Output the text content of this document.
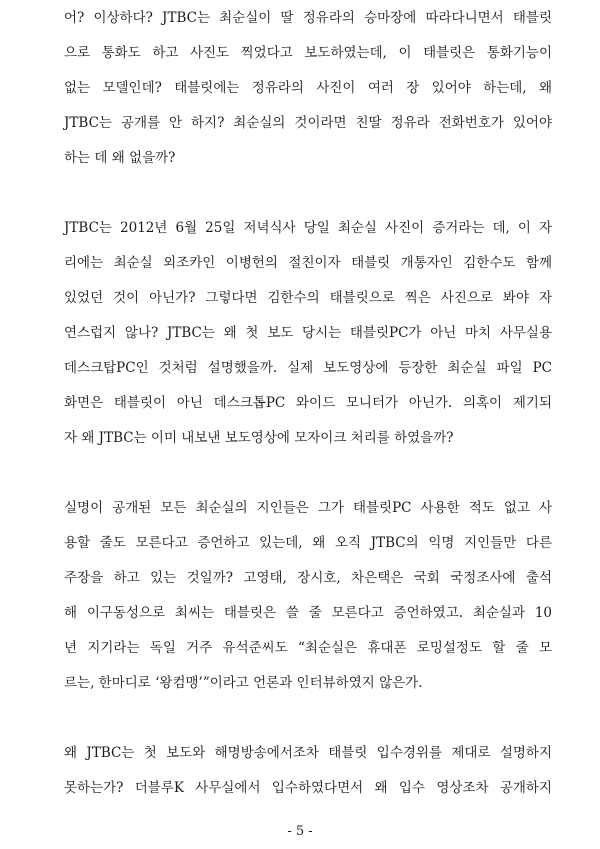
어? 이상하다? JTBC는 최순실이 딸 정유라의 승마장에 따라다니면서 태블릿
으로 통화도 하고 사진도 찍었다고 보도하였는데, 이 태블릿은 통화기능이
없는 모델인데? 태블릿에는 정유라의 사진이 여러 장 있어야 하는데, 왜
JTBC는 공개를 안 하지? 최순실의 것이라면 친딸 정유라 전화번호가 있어야
하는 데 왜 없을까?
JTBC는 2012년 6월 25일 저녁식사 당일 최순실 사진이 증거라는 데, 이 자
리에는 최순실 외조카인 이병헌의 절친이자 태블릿 개통자인 김한수도 함께
있었던 것이 아닌가? 그렇다면 김한수의 태블릿으로 찍은 사진으로 봐야 자
연스럽지 않나? JTBC는 왜 첫 보도 당시는 태블릿PC가 아닌 마치 사무실용
데스크탑PC인 것처럼 설명했을까. 실제 보도영상에 등장한 최순실 파일 PC
화면은 태블릿이 아닌 데스크톱PC 와이드 모니터가 아닌가. 의혹이 제기되
자 왜 JTBC는 이미 내보낸 보도영상에 모자이크 처리를 하였을까?
실명이 공개된 모든 최순실의 지인들은 그가 태블릿PC 사용한 적도 없고 사
용할 줄도 모른다고 증언하고 있는데, 왜 오직 JTBC의 익명 지인들만 다른
주장을 하고 있는 것일까? 고영태, 장시호, 차은택은 국회 국정조사에 출석
해 이구동성으로 최씨는 태블릿은 쓸 줄 모른다고 증언하였고. 최순실과 10
년 지기라는 독일 거주 유석준씨도 “최순실은 휴대폰 로밍설정도 할 줄 모
르는, 한마디로 ‘왕컴맹’”이라고 언론과 인터뷰하였지 않은가.
왜 JTBC는 첫 보도와 해명방송에서조차 태블릿 입수경위를 제대로 설명하지
못하는가? 더블루K 사무실에서 입수하였다면서 왜 입수 영상조차 공개하지
- 5 -
